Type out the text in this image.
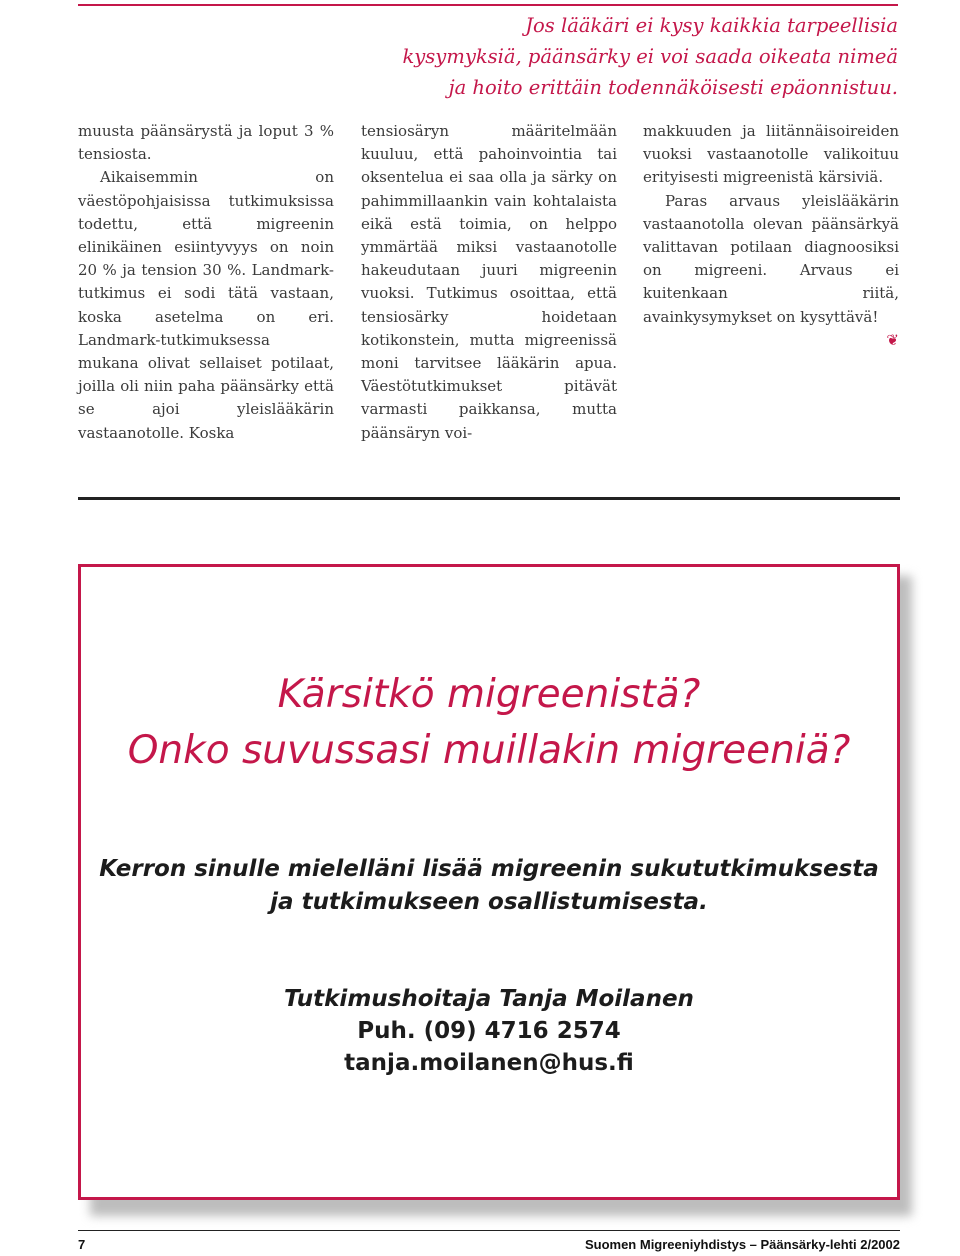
Jos lääkäri ei kysy kaikkia tarpeellisia
kysymyksiä, päänsärky ei voi saada oikeata nimeä
ja hoito erittäin todennäköisesti epäonnistuu.

muusta päänsärystä ja loput 3 % tensiosta.

Aikaisemmin on väestöpohjaisissa tutkimuksissa todettu, että migreenin elinikäinen esiintyvyys on noin 20 % ja tension 30 %. Landmark-tutkimus ei sodi tätä vastaan, koska asetelma on eri. Landmark-tutkimuksessa mukana olivat sellaiset potilaat, joilla oli niin paha päänsärky että se ajoi yleislääkärin vastaanotolle. Koska

tensiosäryn määritelmään kuuluu, että pahoinvointia tai oksentelua ei saa olla ja särky on pahimmillaankin vain kohtalaista eikä estä toimia, on helppo ymmärtää miksi vastaanotolle hakeudutaan juuri migreenin vuoksi. Tutkimus osoittaa, että tensiosärky hoidetaan kotikonstein, mutta migreenissä moni tarvitsee lääkärin apua. Väestötutkimukset pitävät varmasti paikkansa, mutta päänsäryn voi-

makkuuden ja liitännäisoireiden vuoksi vastaanotolle valikoituu erityisesti migreenistä kärsiviä.

Paras arvaus yleislääkärin vastaanotolla olevan päänsärkyä valittavan potilaan diagnoosiksi on migreeni. Arvaus ei kuitenkaan riitä, avainkysymykset on kysyttävä!
❦

Kärsitkö migreenistä?
Onko suvussasi muillakin migreeniä?
Kerron sinulle mielelläni lisää migreenin sukututkimuksesta
ja tutkimukseen osallistumisesta.
Tutkimushoitaja Tanja Moilanen
Puh. (09) 4716 2574
tanja.moilanen@hus.fi
7	Suomen Migreeniyhdistys – Päänsärky-lehti 2/2002
